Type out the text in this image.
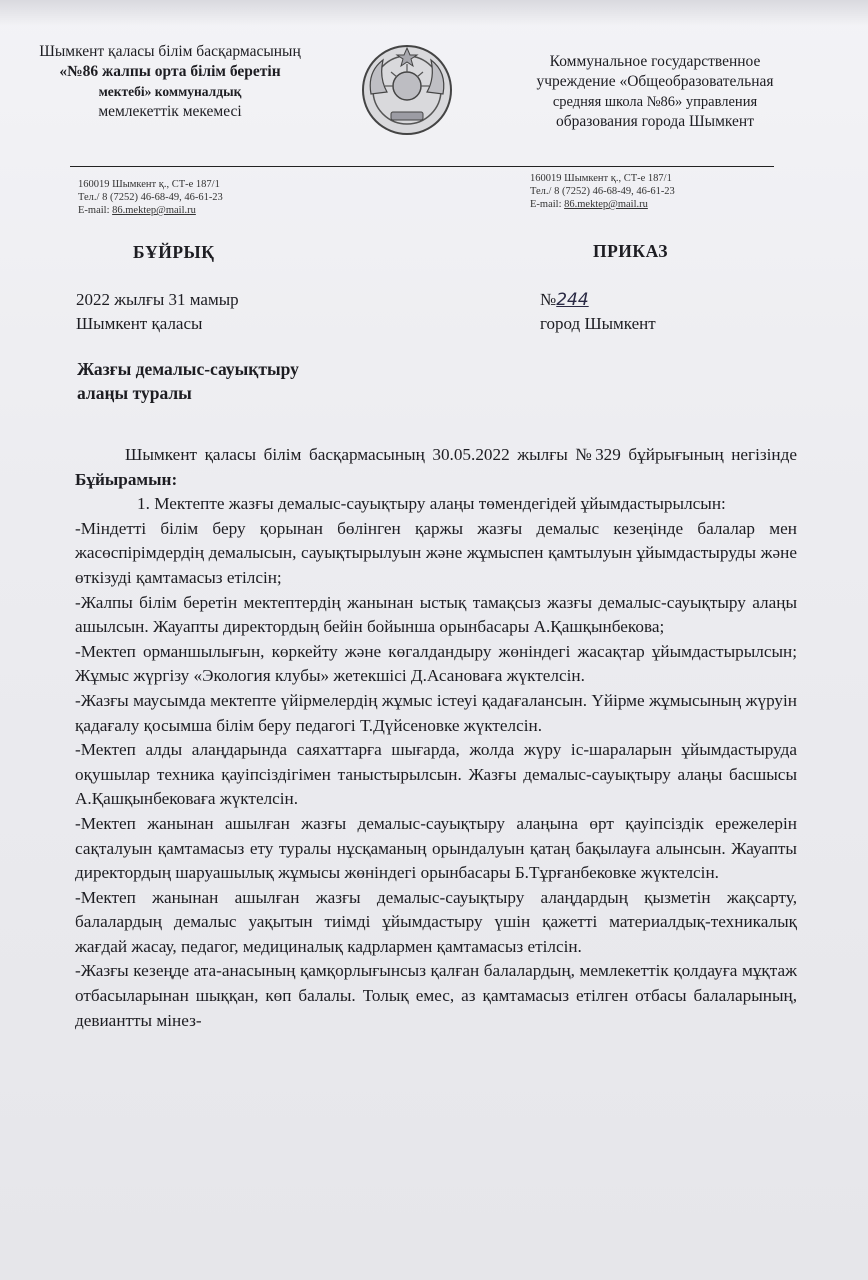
Шымкент қаласы білім басқармасының
«№86 жалпы орта білім беретін
мектебі» коммуналдық
мемлекеттік мекемесі
Коммунальное государственное
учреждение «Общеобразовательная
средняя школа №86» управления
образования города Шымкент
160019 Шымкент қ., СТ-е 187/1
Тел./ 8 (7252) 46-68-49, 46-61-23
E-mail: 86.mektep@mail.ru
160019 Шымкент қ., СТ-е 187/1
Тел./ 8 (7252) 46-68-49, 46-61-23
E-mail: 86.mektep@mail.ru
БҰЙРЫҚ	ПРИКАЗ
2022 жылғы 31 мамыр
Шымкент қаласы
№244
город Шымкент
Жазғы демалыс-сауықтыру
алаңы туралы

Шымкент қаласы білім басқармасының 30.05.2022 жылғы №329 бұйрығының негізінде Бұйырамын:

1. Мектепте жазғы демалыс-сауықтыру алаңы төмендегідей ұйымдастырылсын:

-Міндетті білім беру қорынан бөлінген қаржы жазғы демалыс кезеңінде балалар мен жасөспірімдердің демалысын, сауықтырылуын және жұмыспен қамтылуын ұйымдастыруды және өткізуді қамтамасыз етілсін;

-Жалпы білім беретін мектептердің жанынан ыстық тамақсыз жазғы демалыс-сауықтыру алаңы ашылсын. Жауапты директордың бейін бойынша орынбасары А.Қашқынбекова;

-Мектеп орманшылығын, көркейту және көгалдандыру жөніндегі жасақтар ұйымдастырылсын; Жұмыс жүргізу «Экология клубы» жетекшісі Д.Асановаға жүктелсін.

-Жазғы маусымда мектепте үйірмелердің жұмыс істеуі қадағалансын. Үйірме жұмысының жүруін қадағалу қосымша білім беру педагогі Т.Дүйсеновке жүктелсін.

-Мектеп алды алаңдарында саяхаттарға шығарда, жолда жүру іс-шараларын ұйымдастыруда оқушылар техника қауіпсіздігімен таныстырылсын. Жазғы демалыс-сауықтыру алаңы басшысы А.Қашқынбековаға жүктелсін.

-Мектеп жанынан ашылған жазғы демалыс-сауықтыру алаңына өрт қауіпсіздік ережелерін сақталуын қамтамасыз ету туралы нұсқаманың орындалуын қатаң бақылауға алынсын. Жауапты директордың шаруашылық жұмысы жөніндегі орынбасары Б.Тұрғанбековке жүктелсін.

-Мектеп жанынан ашылған жазғы демалыс-сауықтыру алаңдардың қызметін жақсарту, балалардың демалыс уақытын тиімді ұйымдастыру үшін қажетті материалдық-техникалық жағдай жасау, педагог, медициналық кадрлармен қамтамасыз етілсін.

-Жазғы кезеңде ата-анасының қамқорлығынсыз қалған балалардың, мемлекеттік қолдауға мұқтаж отбасыларынан шыққан, көп балалы. Толық емес, аз қамтамасыз етілген отбасы балаларының, девиантты мінез-
